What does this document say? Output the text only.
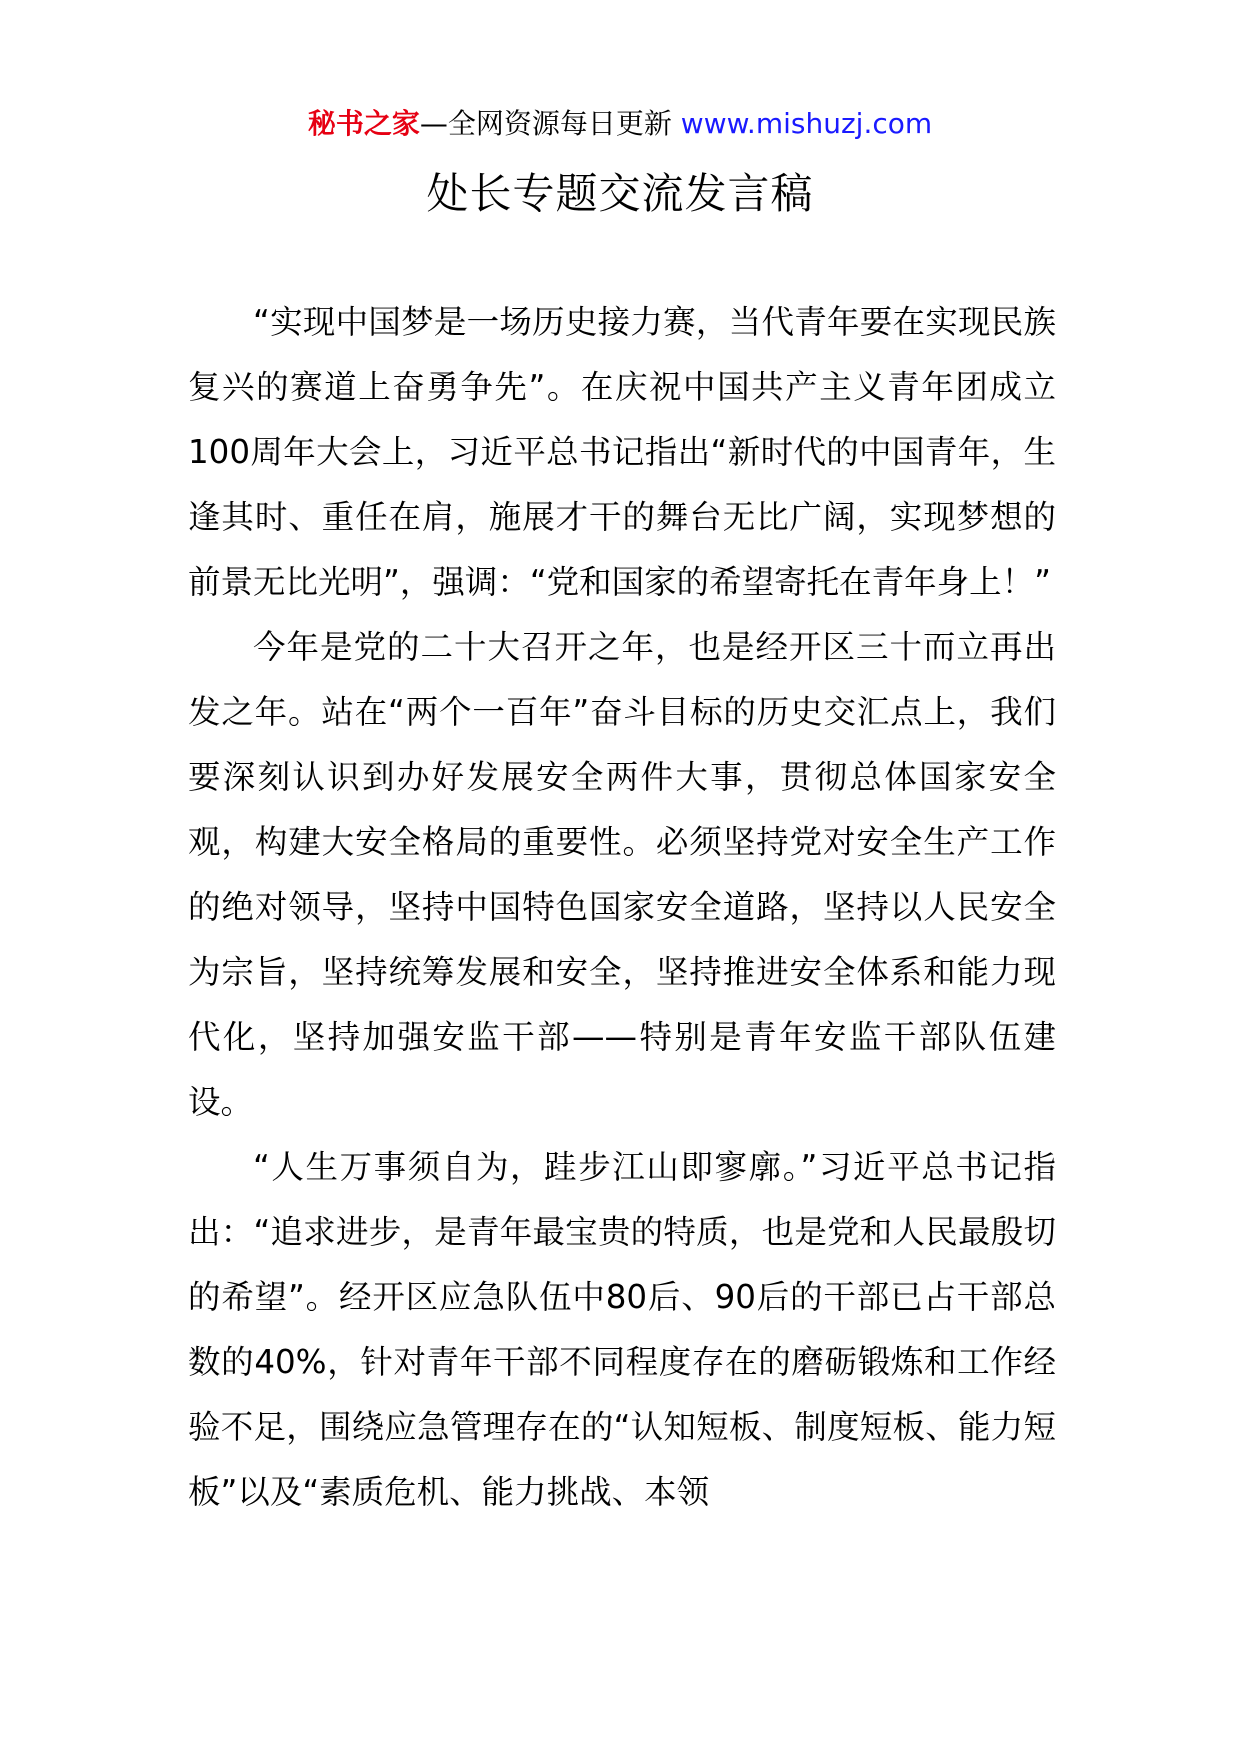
秘书之家—全网资源每日更新 www.mishuzj.com
处长专题交流发言稿

“实现中国梦是一场历史接力赛，当代青年要在实现民族复兴的赛道上奋勇争先”。在庆祝中国共产主义青年团成立100周年大会上，习近平总书记指出“新时代的中国青年，生逢其时、重任在肩，施展才干的舞台无比广阔，实现梦想的前景无比光明”，强调：“党和国家的希望寄托在青年身上！”

今年是党的二十大召开之年，也是经开区三十而立再出发之年。站在“两个一百年”奋斗目标的历史交汇点上，我们要深刻认识到办好发展安全两件大事，贯彻总体国家安全观，构建大安全格局的重要性。必须坚持党对安全生产工作的绝对领导，坚持中国特色国家安全道路，坚持以人民安全为宗旨，坚持统筹发展和安全，坚持推进安全体系和能力现代化，坚持加强安监干部——特别是青年安监干部队伍建设。

“人生万事须自为，跬步江山即寥廓。”习近平总书记指出：“追求进步，是青年最宝贵的特质，也是党和人民最殷切的希望”。经开区应急队伍中80后、90后的干部已占干部总数的40%，针对青年干部不同程度存在的磨砺锻炼和工作经验不足，围绕应急管理存在的“认知短板、制度短板、能力短板”以及“素质危机、能力挑战、本领
